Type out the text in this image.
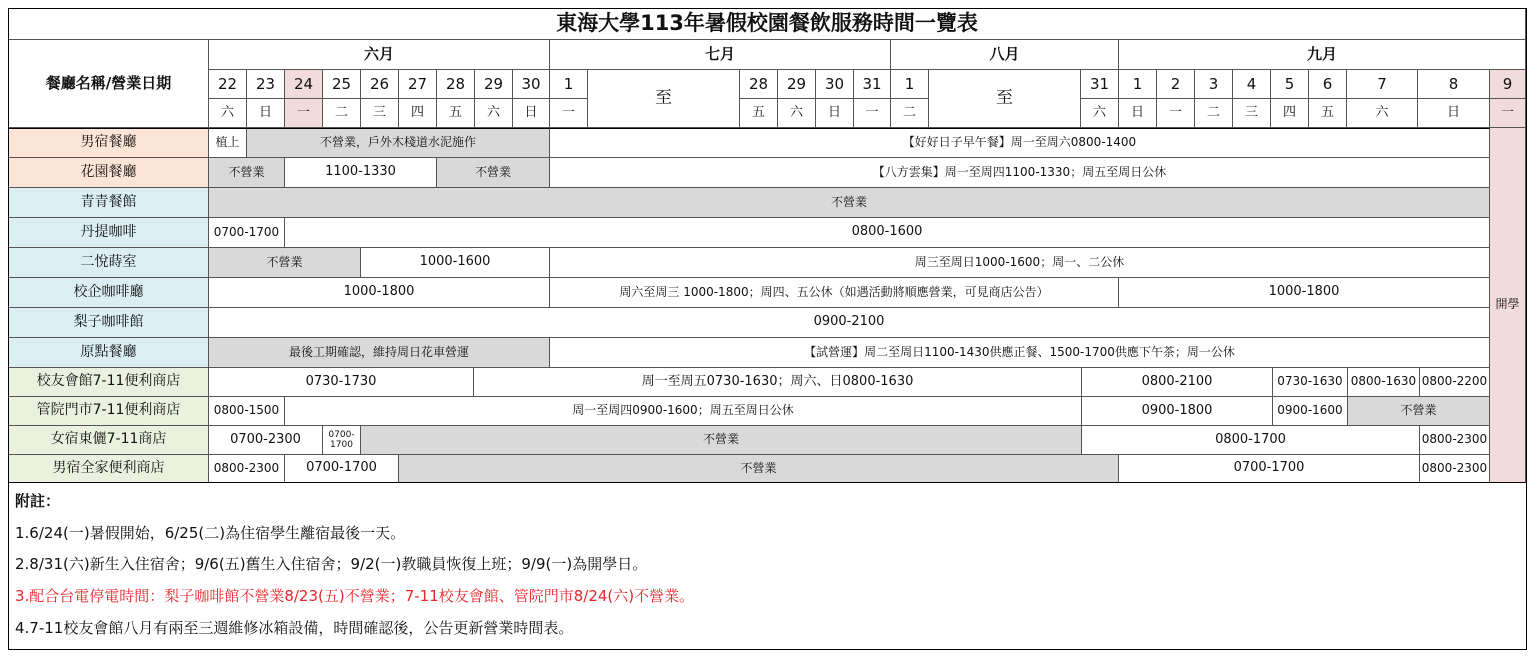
東海大學113年暑假校園餐飲服務時間一覽表
餐廳名稱/營業日期
六月	七月	八月	九月
22	23	24	25	26	27	28	29	30	1
至
28	29	30	31	1
至
31	1	2	3	4	5	6	7	8	9
六	日	一	二	三	四	五	六	日	一	五	六	日	一	二	六	日	一	二	三	四	五	六	日	一
開學
男宿餐廳	植上	不營業，戶外木棧道水泥施作	【好好日子早午餐】周一至周六0800-1400
花園餐廳	不營業	1100-1330	不營業	【八方雲集】周一至周四1100-1330；周五至周日公休
青青餐館	不營業
丹提咖啡	0700-1700	0800-1600
二悅蒔室	不營業	1000-1600	周三至周日1000-1600；周一、二公休
校企咖啡廳	1000-1800	周六至周三 1000-1800；周四、五公休（如遇活動將順應營業，可見商店公告）	1000-1800
梨子咖啡館	0900-2100
原點餐廳	最後工期確認，維持周日花車營運	【試營運】周二至周日1100-1430供應正餐、1500-1700供應下午茶；周一公休
校友會館7-11便利商店	0730-1730	周一至周五0730-1630；周六、日0800-1630	0800-2100	0730-1630 0800-1630 0800-2200
管院門市7-11便利商店	0800-1500	周一至周四0900-1600；周五至周日公休	0900-1800	0900-1600	不營業
女宿東儷7-11商店	0700-2300	0700-1700	不營業	0800-1700	0800-2300
男宿全家便利商店	0800-2300	0700-1700	不營業	0700-1700	0800-2300
附註：
1.6/24(一)暑假開始，6/25(二)為住宿學生離宿最後一天。
2.8/31(六)新生入住宿舍；9/6(五)舊生入住宿舍；9/2(一)教職員恢復上班；9/9(一)為開學日。
3.配合台電停電時間：梨子咖啡館不營業8/23(五)不營業；7-11校友會館、管院門市8/24(六)不營業。
4.7-11校友會館八月有兩至三週維修冰箱設備，時間確認後，公告更新營業時間表。
